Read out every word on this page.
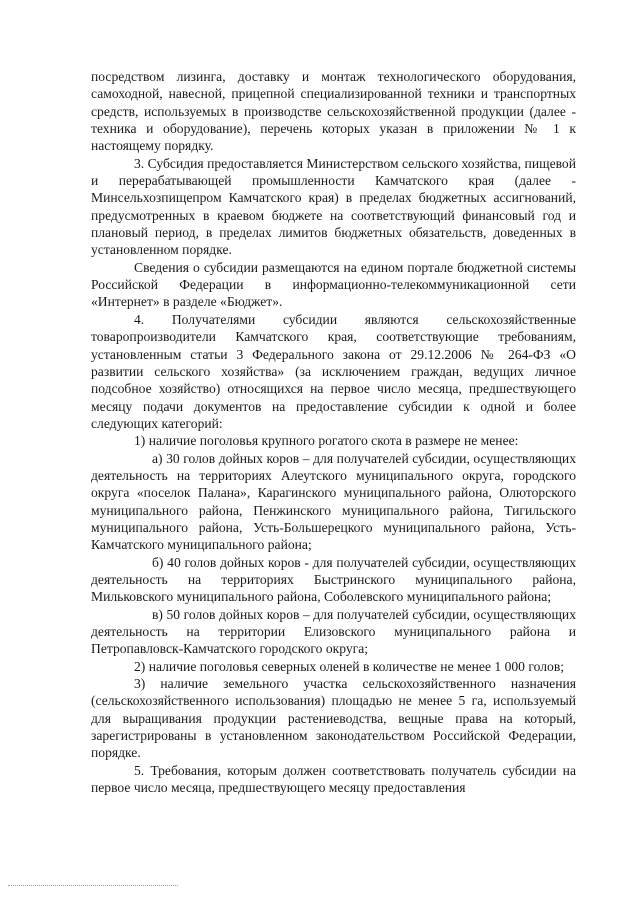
посредством лизинга, доставку и монтаж технологического оборудования, самоходной, навесной, прицепной специализированной техники и транспортных средств, используемых в производстве сельскохозяйственной продукции (далее - техника и оборудование), перечень которых указан в приложении № 1 к настоящему порядку.

3. Субсидия предоставляется Министерством сельского хозяйства, пищевой и перерабатывающей промышленности Камчатского края (далее - Минсельхозпищепром Камчатского края) в пределах бюджетных ассигнований, предусмотренных в краевом бюджете на соответствующий финансовый год и плановый период, в пределах лимитов бюджетных обязательств, доведенных в установленном порядке.

Сведения о субсидии размещаются на едином портале бюджетной системы Российской Федерации в информационно-телекоммуникационной сети «Интернет» в разделе «Бюджет».

4. Получателями субсидии являются сельскохозяйственные товаропроизводители Камчатского края, соответствующие требованиям, установленным статьи 3 Федерального закона от 29.12.2006 № 264-ФЗ «О развитии сельского хозяйства» (за исключением граждан, ведущих личное подсобное хозяйство) относящихся на первое число месяца, предшествующего месяцу подачи документов на предоставление субсидии к одной и более следующих категорий:

1) наличие поголовья крупного рогатого скота в размере не менее:

а) 30 голов дойных коров – для получателей субсидии, осуществляющих деятельность на территориях Алеутского муниципального округа, городского округа «поселок Палана», Карагинского муниципального района, Олюторского муниципального района, Пенжинского муниципального района, Тигильского муниципального района, Усть-Большерецкого муниципального района, Усть-Камчатского муниципального района;

б) 40 голов дойных коров - для получателей субсидии, осуществляющих деятельность на территориях Быстринского муниципального района, Мильковского муниципального района, Соболевского муниципального района;

в) 50 голов дойных коров – для получателей субсидии, осуществляющих деятельность на территории Елизовского муниципального района и Петропавловск-Камчатского городского округа;

2) наличие поголовья северных оленей в количестве не менее 1 000 голов;

3) наличие земельного участка сельскохозяйственного назначения (сельскохозяйственного использования) площадью не менее 5 га, используемый для выращивания продукции растениеводства, вещные права на который, зарегистрированы в установленном законодательством Российской Федерации, порядке.

5. Требования, которым должен соответствовать получатель субсидии на первое число месяца, предшествующего месяцу предоставления
